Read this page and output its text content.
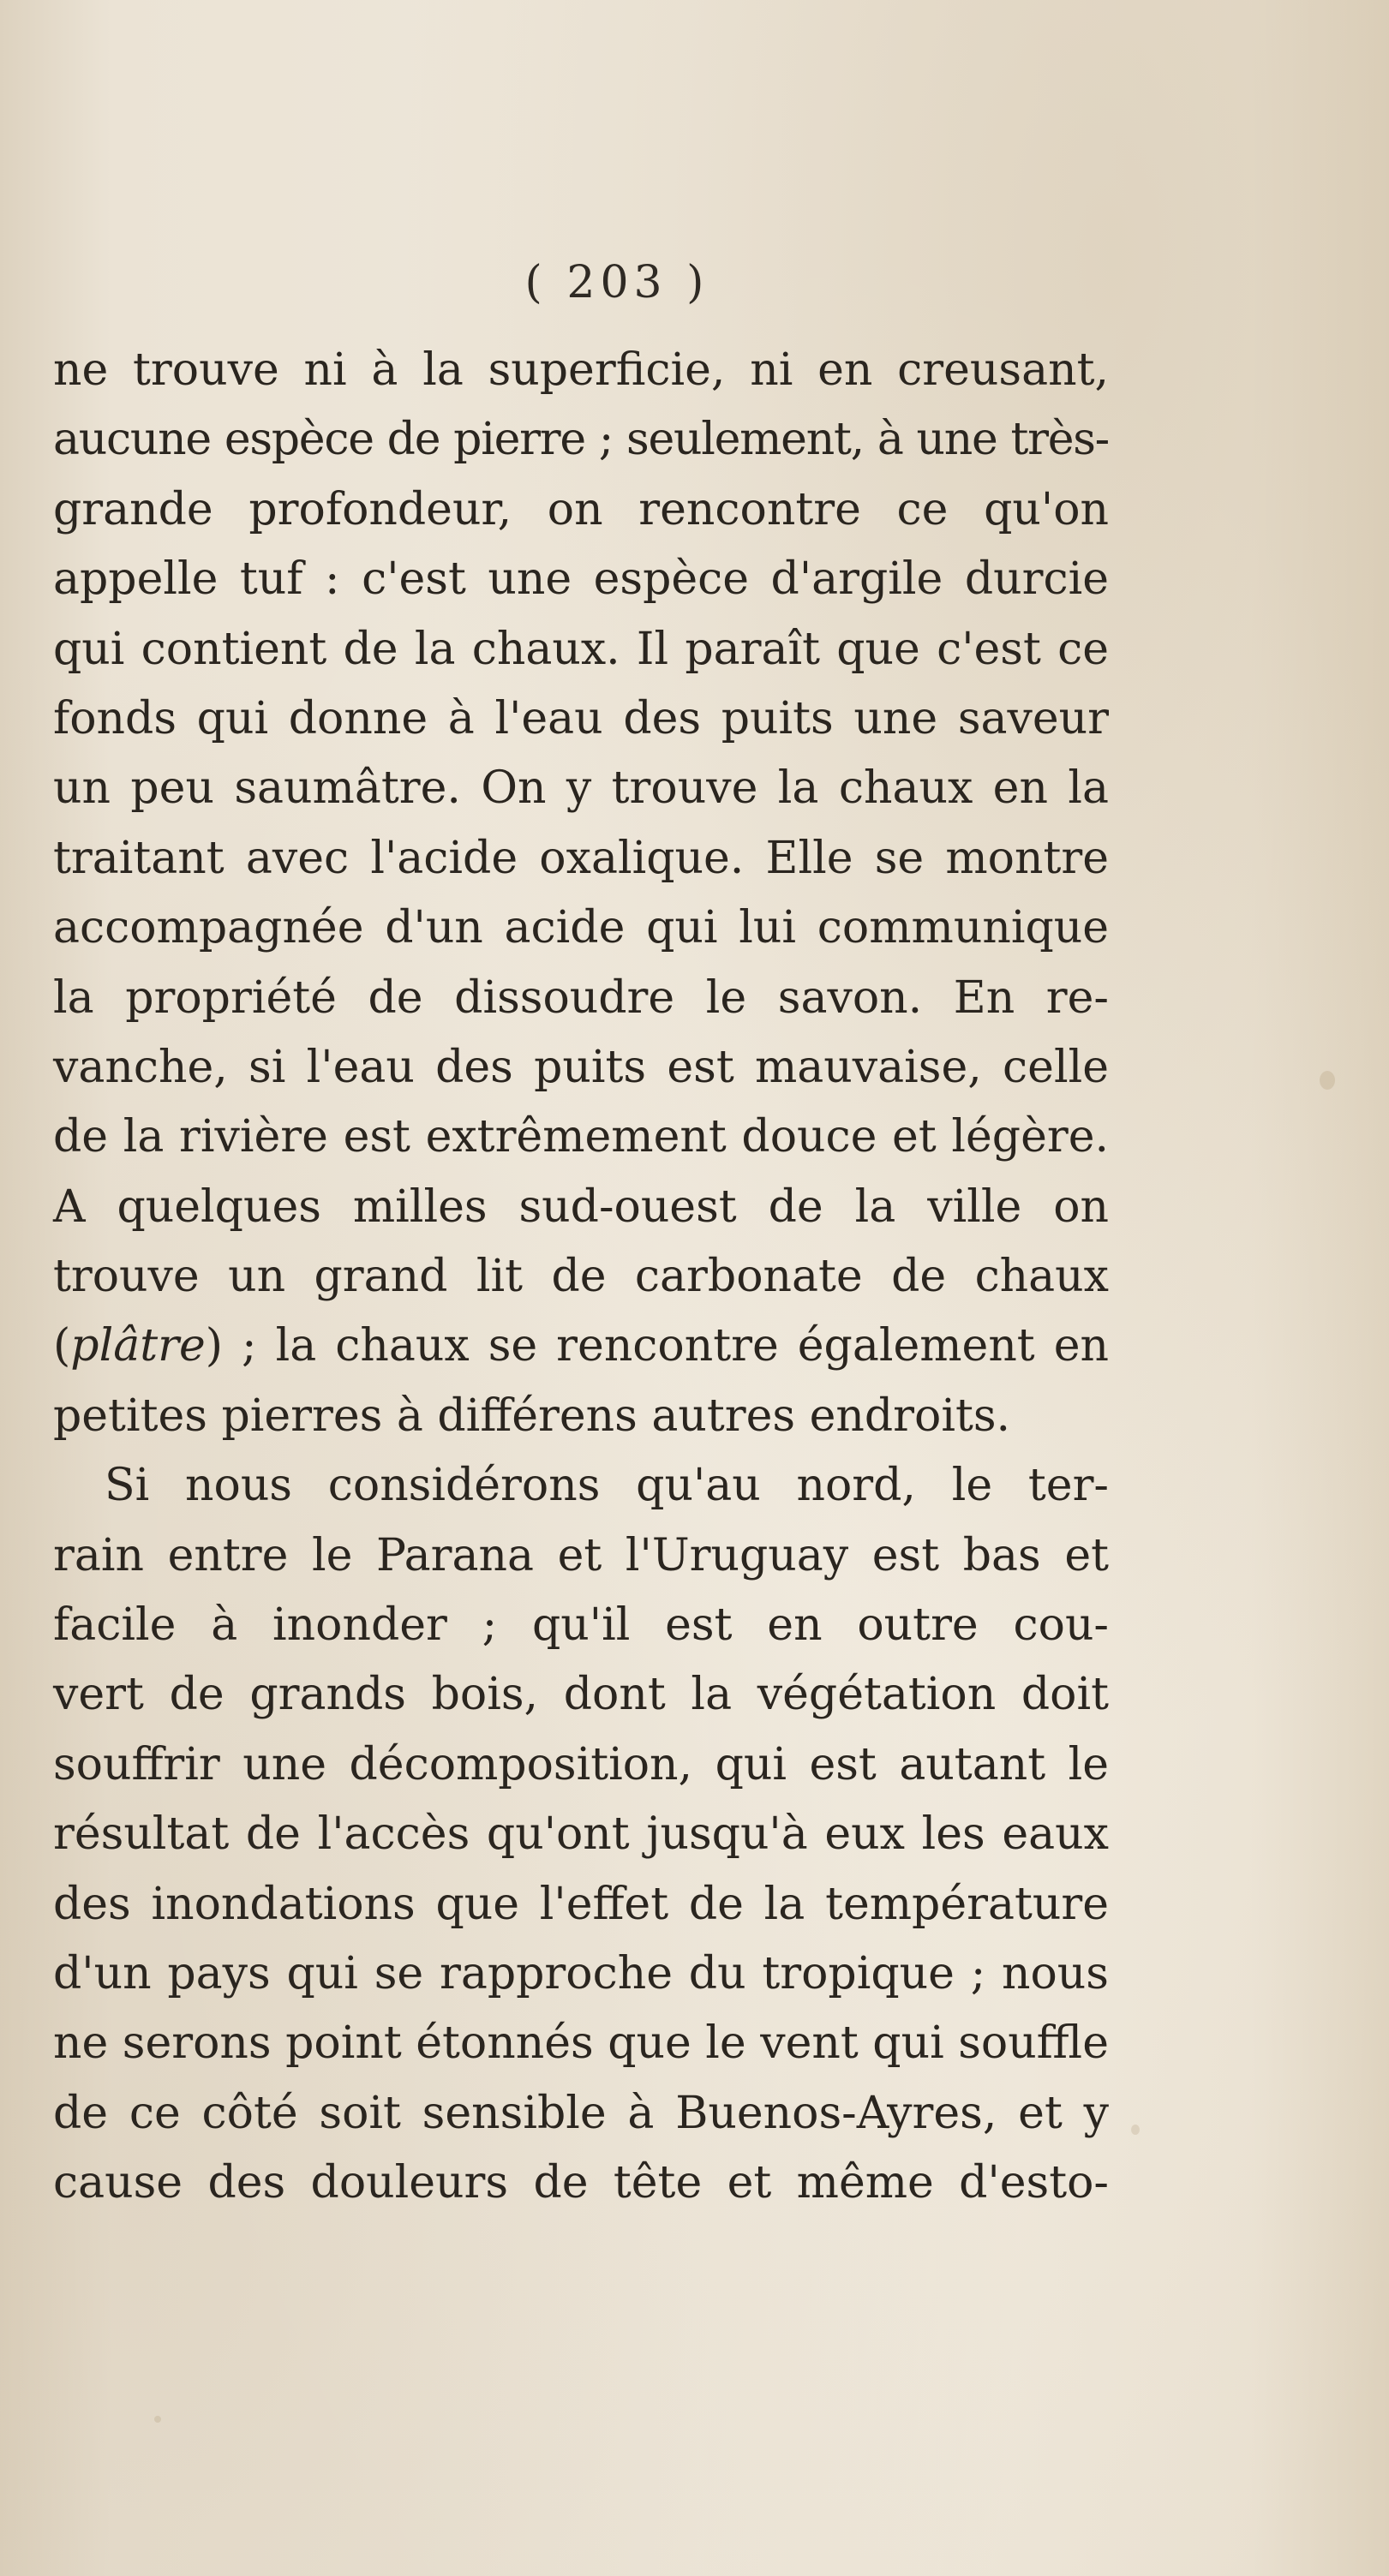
( 203 )
ne trouve ni à la superficie, ni en creusant,
aucune espèce de pierre ; seulement, à une très-
grande profondeur, on rencontre ce qu'on
appelle tuf : c'est une espèce d'argile durcie
qui contient de la chaux. Il paraît que c'est ce
fonds qui donne à l'eau des puits une saveur
un peu saumâtre. On y trouve la chaux en la
traitant avec l'acide oxalique. Elle se montre
accompagnée d'un acide qui lui communique
la propriété de dissoudre le savon. En re-
vanche, si l'eau des puits est mauvaise, celle
de la rivière est extrêmement douce et légère.
A quelques milles sud-ouest de la ville on
trouve un grand lit de carbonate de chaux
(plâtre) ; la chaux se rencontre également en
petites pierres à différens autres endroits.
Si nous considérons qu'au nord, le ter-
rain entre le Parana et l'Uruguay est bas et
facile à inonder ; qu'il est en outre cou-
vert de grands bois, dont la végétation doit
souffrir une décomposition, qui est autant le
résultat de l'accès qu'ont jusqu'à eux les eaux
des inondations que l'effet de la température
d'un pays qui se rapproche du tropique ; nous
ne serons point étonnés que le vent qui souffle
de ce côté soit sensible à Buenos-Ayres, et y
cause des douleurs de tête et même d'esto-
